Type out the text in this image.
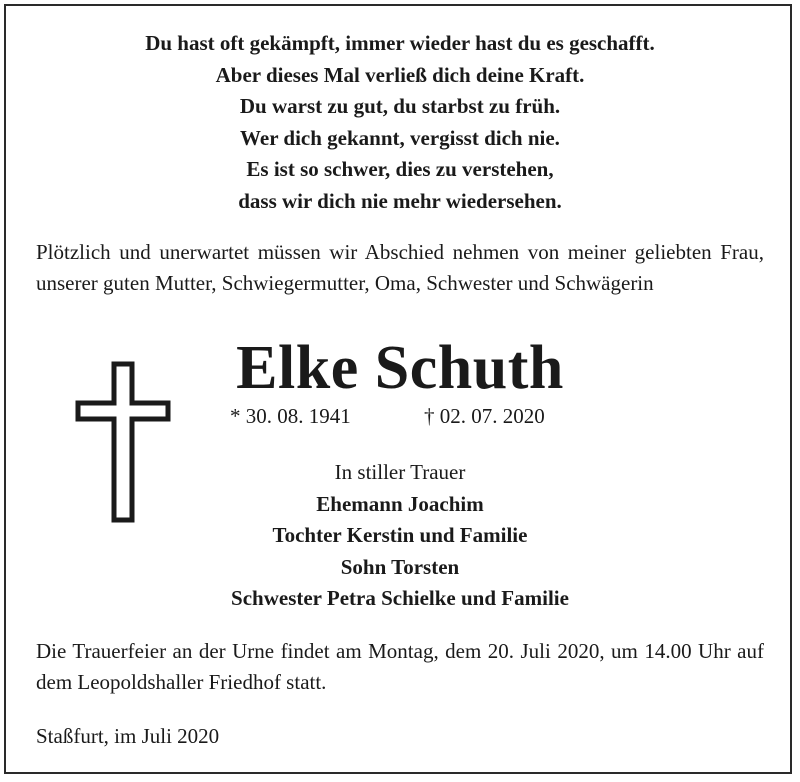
Du hast oft gekämpft, immer wieder hast du es geschafft.
Aber dieses Mal verließ dich deine Kraft.
Du warst zu gut, du starbst zu früh.
Wer dich gekannt, vergisst dich nie.
Es ist so schwer, dies zu verstehen,
dass wir dich nie mehr wiedersehen.
Plötzlich und unerwartet müssen wir Abschied nehmen von meiner geliebten Frau, unserer guten Mutter, Schwiegermutter, Oma, Schwester und Schwägerin
Elke Schuth
* 30. 08. 1941	† 02. 07. 2020
In stiller Trauer
Ehemann Joachim
Tochter Kerstin und Familie
Sohn Torsten
Schwester Petra Schielke und Familie
Die Trauerfeier an der Urne findet am Montag, dem 20. Juli 2020, um 14.00 Uhr auf dem Leopoldshaller Friedhof statt.
Staßfurt, im Juli 2020
